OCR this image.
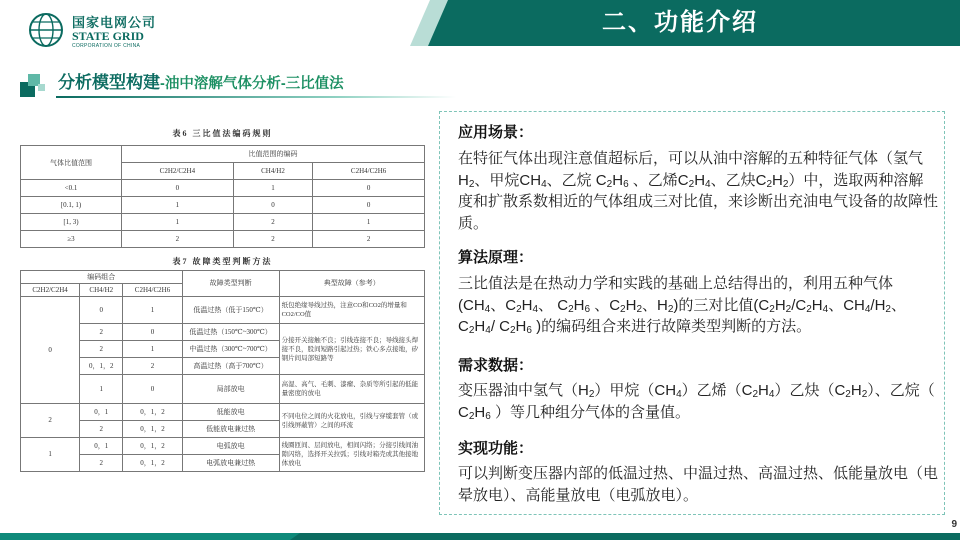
国家电网公司
STATE GRID
CORPORATION OF CHINA
二、功能介绍
分析模型构建-油中溶解气体分析-三比值法
表6 三比值法编码规则
气体比值范围	比值范围的编码		
	C2H2/C2H4	CH4/H2	C2H4/C2H6
<0.1	0	1	0
[0.1, 1)	1	0	0
[1, 3)	1	2	1
≥3	2	2	2
表7 故障类型判断方法
编码组合			故障类型判断	典型故障（参考）
C2H2/C2H4	CH4/H2	C2H4/C2H6		
0	0	1	低温过热（低于150℃）	纸包绝缘导线过热，注意CO和CO2的增量和CO2/CO值
	2	0	低温过热（150℃~300℃）	分接开关接触不良；引线连接不良；导线接头焊接不良，股间短路引起过热；铁心多点接地，矽钢片间局部短路等
	2	1	中温过热（300℃~700℃）	
	0，1，2	2	高温过热（高于700℃）	
	1	0	局部放电	高湿、高气、毛刺、漆瘤、杂质等所引起的低能量密度的放电
2	0，1	0，1，2	低能放电	不同电位之间的火花放电，引线与穿缆套管（或引线屏蔽管）之间的环流
	2	0，1，2	低能放电兼过热	
1	0，1	0，1，2	电弧放电	线圈匝间、层间放电，相间闪络；分接引线间油隙闪络，选择开关拉弧；引线对箱壳或其他接地体放电
	2	0，1，2	电弧放电兼过热	
应用场景：
在特征气体出现注意值超标后，可以从油中溶解的五种特征气体（氢气$H_2$、甲烷$CH_4$、乙烷 $C_2H_6$ 、乙烯$C_2H_4$、乙炔$C_2H_2$）中，选取两种溶解度和扩散系数相近的气体组成三对比值，来诊断出充油电气设备的故障性质。
算法原理：
三比值法是在热动力学和实践的基础上总结得出的，利用五种气体($CH_4$、$C_2H_4$、 $C_2H_6$ 、$C_2H_2$、$H_2$)的三对比值($C_2H_2/C_2H_4$、$CH_4/H_2$、$C_2H_4/$ $C_2H_6$ )的编码组合来进行故障类型判断的方法。
需求数据：
变压器油中氢气$(H_2)$甲烷$(CH_4)$乙烯$(C_2H_4)$乙炔$(C_2H_2)$、乙烷（ $C_2H_6$ ）等几种组分气体的含量值。
实现功能：
可以判断变压器内部的低温过热、中温过热、高温过热、低能量放电（电晕放电）、高能量放电（电弧放电）。
9
